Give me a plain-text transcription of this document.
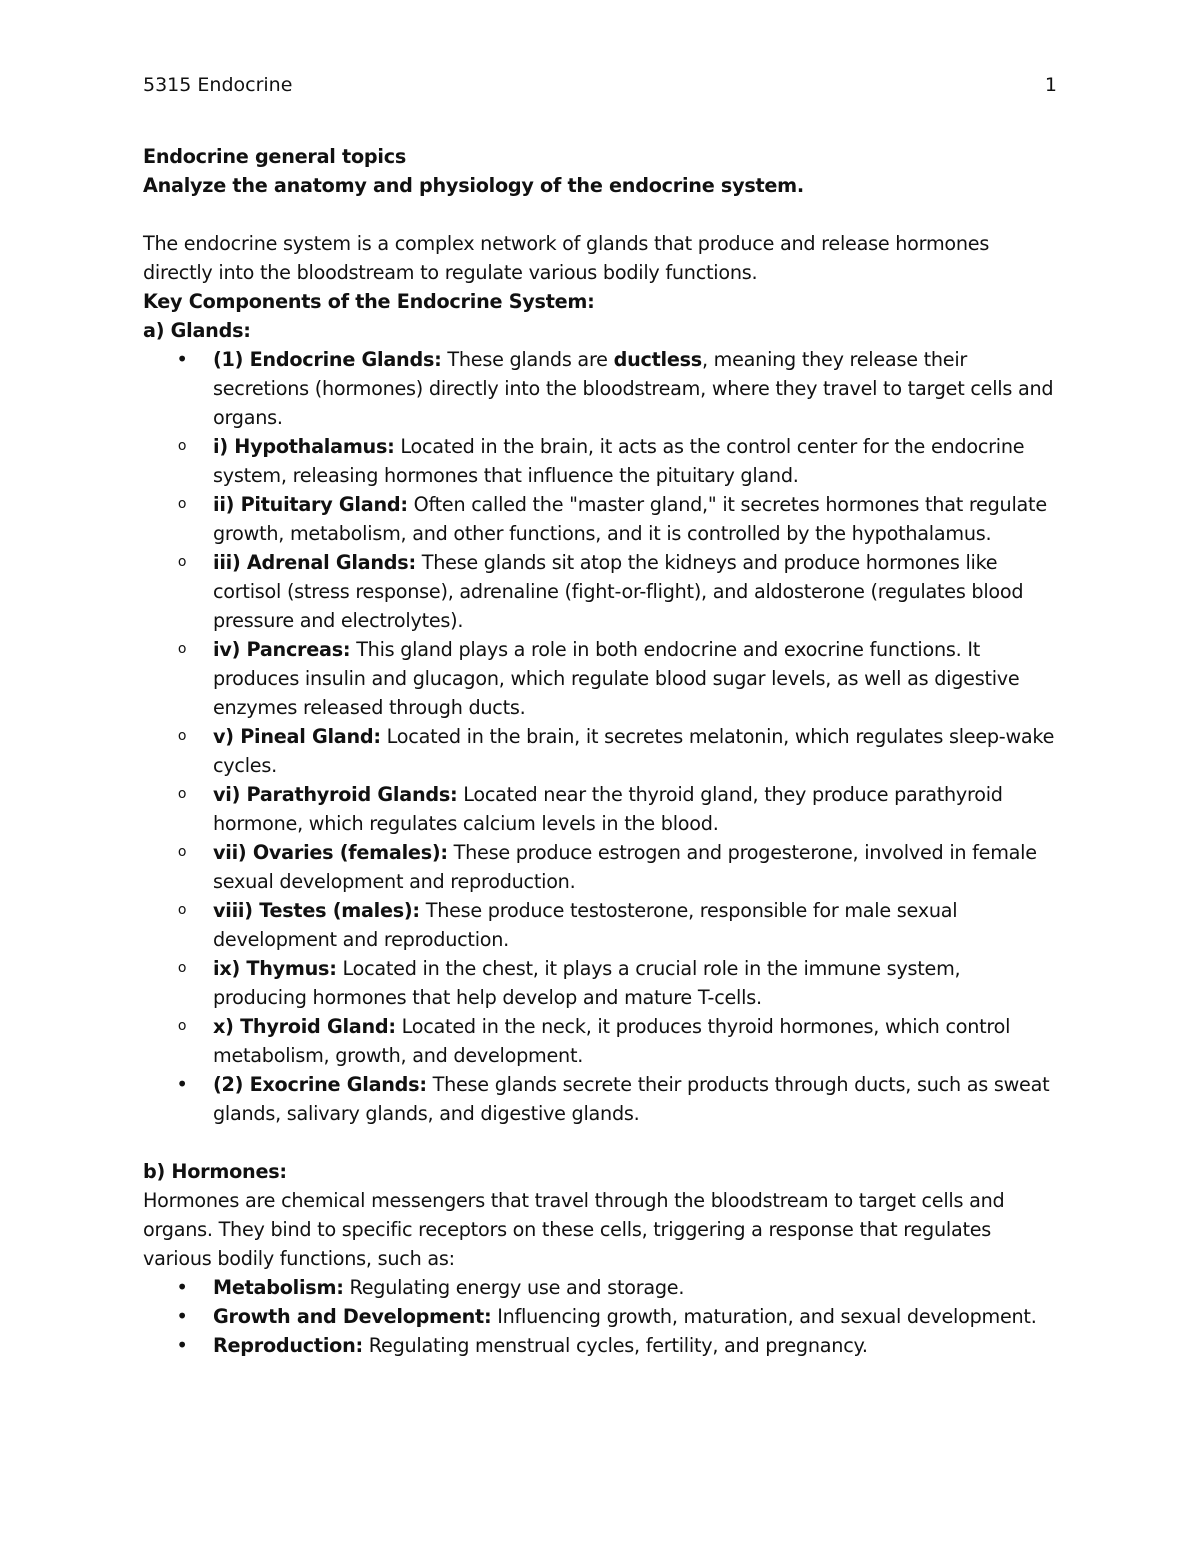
5315 Endocrine	1

Endocrine general topics

Analyze the anatomy and physiology of the endocrine system.

The endocrine system is a complex network of glands that produce and release hormones directly into the bloodstream to regulate various bodily functions.

Key Components of the Endocrine System:

a) Glands:

•
(1) Endocrine Glands: These glands are ductless, meaning they release their secretions (hormones) directly into the bloodstream, where they travel to target cells and organs.
o	i) Hypothalamus: Located in the brain, it acts as the control center for the endocrine system, releasing hormones that influence the pituitary gland.
o	ii) Pituitary Gland: Often called the "master gland," it secretes hormones that regulate growth, metabolism, and other functions, and it is controlled by the hypothalamus.
o	iii) Adrenal Glands: These glands sit atop the kidneys and produce hormones like cortisol (stress response), adrenaline (fight-or-flight), and aldosterone (regulates blood pressure and electrolytes).
o	iv) Pancreas: This gland plays a role in both endocrine and exocrine functions. It produces insulin and glucagon, which regulate blood sugar levels, as well as digestive enzymes released through ducts.
o	v) Pineal Gland: Located in the brain, it secretes melatonin, which regulates sleep-wake cycles.
o	vi) Parathyroid Glands: Located near the thyroid gland, they produce parathyroid hormone, which regulates calcium levels in the blood.
o	vii) Ovaries (females): These produce estrogen and progesterone, involved in female sexual development and reproduction.
o	viii) Testes (males): These produce testosterone, responsible for male sexual development and reproduction.
o	ix) Thymus: Located in the chest, it plays a crucial role in the immune system, producing hormones that help develop and mature T-cells.
o	x) Thyroid Gland: Located in the neck, it produces thyroid hormones, which control metabolism, growth, and development.
•
(2) Exocrine Glands: These glands secrete their products through ducts, such as sweat glands, salivary glands, and digestive glands.

b) Hormones:

Hormones are chemical messengers that travel through the bloodstream to target cells and organs. They bind to specific receptors on these cells, triggering a response that regulates various bodily functions, such as:

•
Metabolism: Regulating energy use and storage.
•
Growth and Development: Influencing growth, maturation, and sexual development.
•
Reproduction: Regulating menstrual cycles, fertility, and pregnancy.
